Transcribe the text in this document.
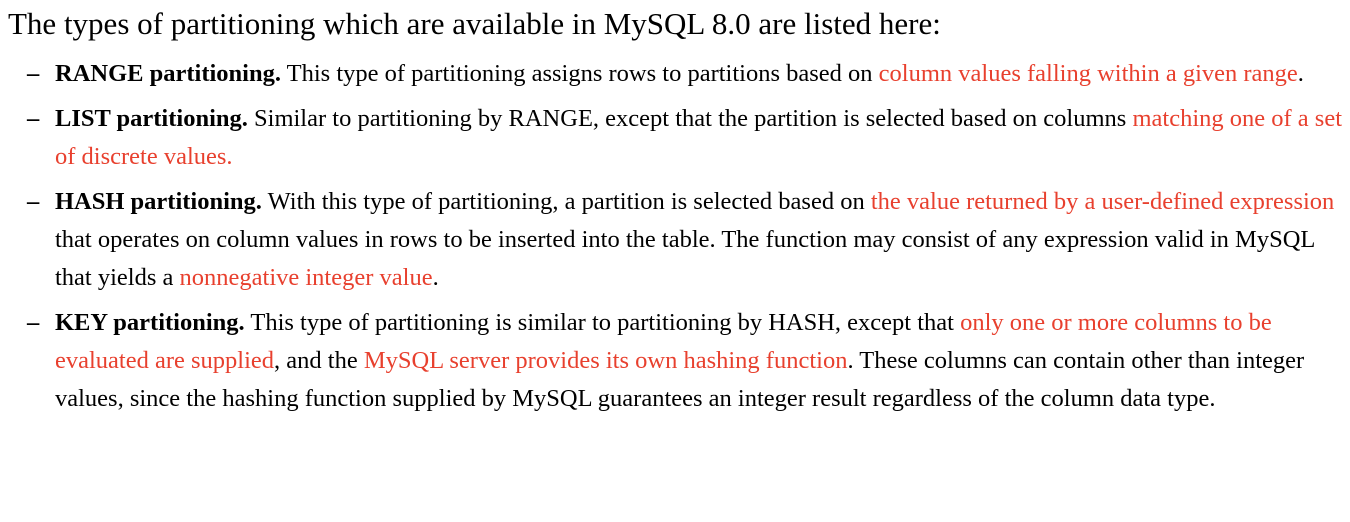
The types of partitioning which are available in MySQL 8.0 are listed here:
– RANGE partitioning. This type of partitioning assigns rows to partitions based on column values falling within a given range.
– LIST partitioning. Similar to partitioning by RANGE, except that the partition is selected based on columns matching one of a set of discrete values.
– HASH partitioning. With this type of partitioning, a partition is selected based on the value returned by a user-defined expression that operates on column values in rows to be inserted into the table. The function may consist of any expression valid in MySQL that yields a nonnegative integer value.
– KEY partitioning. This type of partitioning is similar to partitioning by HASH, except that only one or more columns to be evaluated are supplied, and the MySQL server provides its own hashing function. These columns can contain other than integer values, since the hashing function supplied by MySQL guarantees an integer result regardless of the column data type.
